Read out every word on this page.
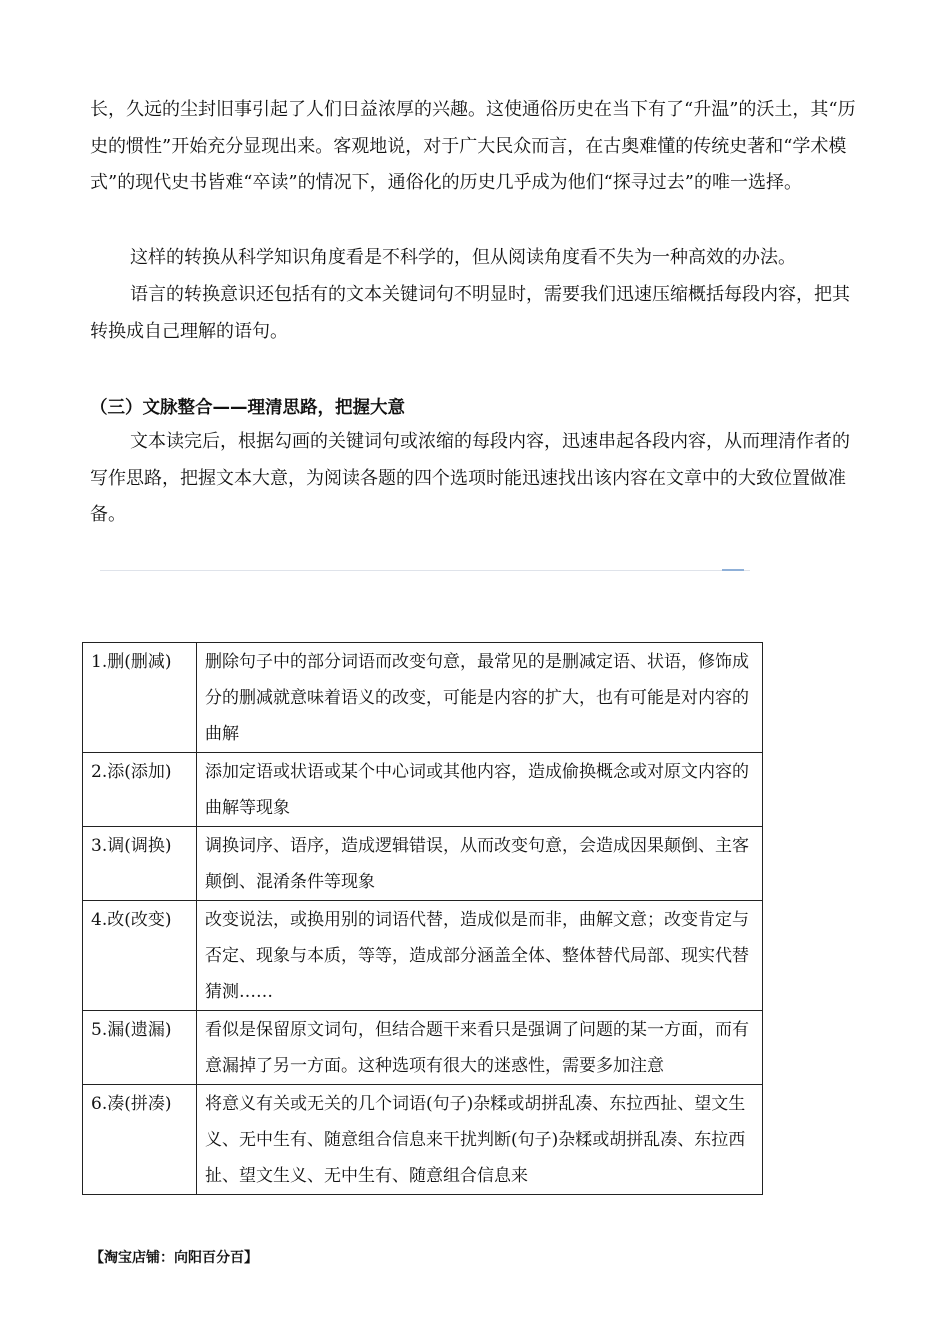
长，久远的尘封旧事引起了人们日益浓厚的兴趣。这使通俗历史在当下有了“升温”的沃土，其“历史的惯性”开始充分显现出来。客观地说，对于广大民众而言，在古奥难懂的传统史著和“学术模式”的现代史书皆难“卒读”的情况下，通俗化的历史几乎成为他们“探寻过去”的唯一选择。

这样的转换从科学知识角度看是不科学的，但从阅读角度看不失为一种高效的办法。

语言的转换意识还包括有的文本关键词句不明显时，需要我们迅速压缩概括每段内容，把其转换成自己理解的语句。

（三）文脉整合——理清思路，把握大意

文本读完后，根据勾画的关键词句或浓缩的每段内容，迅速串起各段内容，从而理清作者的写作思路，把握文本大意，为阅读各题的四个选项时能迅速找出该内容在文章中的大致位置做准备。

1.删(删减)	删除句子中的部分词语而改变句意，最常见的是删减定语、状语，修饰成分的删减就意味着语义的改变，可能是内容的扩大，也有可能是对内容的曲解
2.添(添加)	添加定语或状语或某个中心词或其他内容，造成偷换概念或对原文内容的曲解等现象
3.调(调换)	调换词序、语序，造成逻辑错误，从而改变句意，会造成因果颠倒、主客颠倒、混淆条件等现象
4.改(改变)	改变说法，或换用别的词语代替，造成似是而非，曲解文意；改变肯定与否定、现象与本质，等等，造成部分涵盖全体、整体替代局部、现实代替猜测……
5.漏(遗漏)	看似是保留原文词句，但结合题干来看只是强调了问题的某一方面，而有意漏掉了另一方面。这种选项有很大的迷惑性，需要多加注意
6.凑(拼凑)	将意义有关或无关的几个词语(句子)杂糅或胡拼乱凑、东拉西扯、望文生义、无中生有、随意组合信息来干扰判断(句子)杂糅或胡拼乱凑、东拉西扯、望文生义、无中生有、随意组合信息来

【淘宝店铺：向阳百分百】
